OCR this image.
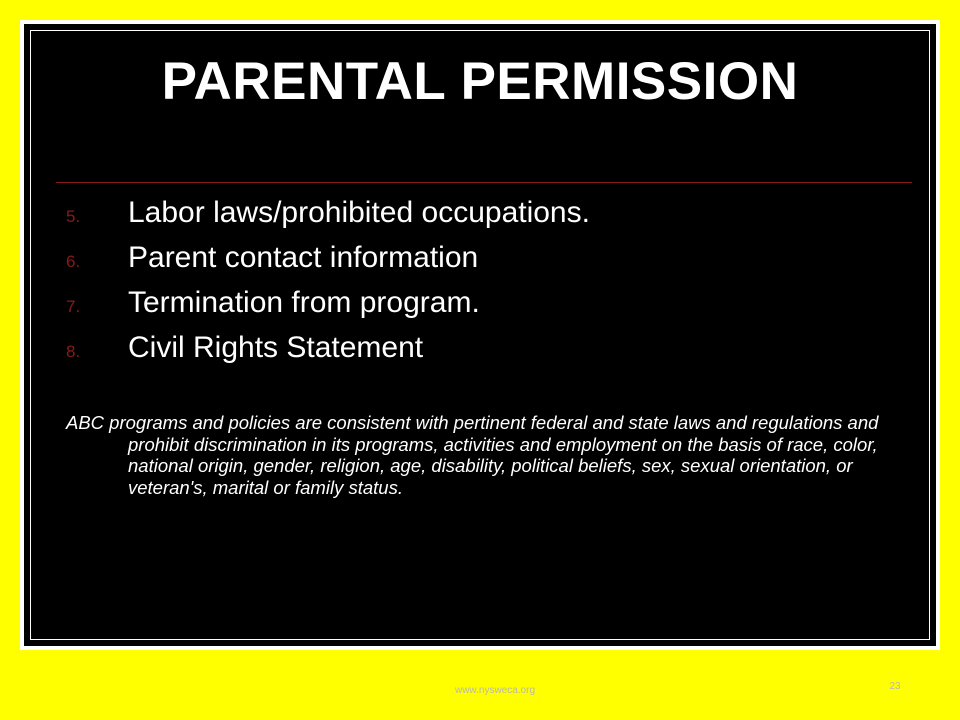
PARENTAL PERMISSION
5. Labor laws/prohibited occupations.
6. Parent contact information
7. Termination from program.
8. Civil Rights Statement
ABC programs and policies are consistent with pertinent federal and state laws and regulations and prohibit discrimination in its programs, activities and employment on the basis of race, color, national origin, gender, religion, age, disability, political beliefs, sex, sexual orientation, or veteran's, marital or family status.
www.nysweca.org	23
